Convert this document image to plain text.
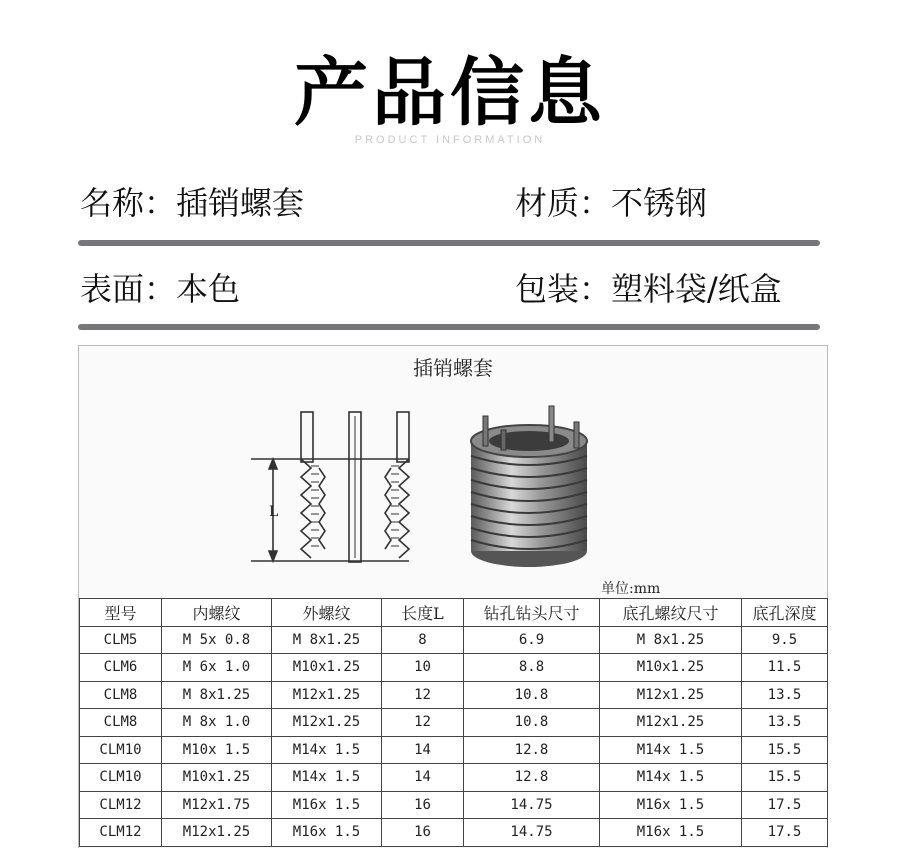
产品信息
PRODUCT INFORMATION
名称：插销螺套	材质：不锈钢
表面：本色	包装：塑料袋/纸盒
插销螺套
L
单位:mm
型号	内螺纹	外螺纹	长度L	钻孔钻头尺寸	底孔螺纹尺寸	底孔深度
CLM5	M 5x 0.8	M 8x1.25	8	6.9	M 8x1.25	9.5
CLM6	M 6x 1.0	M10x1.25	10	8.8	M10x1.25	11.5
CLM8	M 8x1.25	M12x1.25	12	10.8	M12x1.25	13.5
CLM8	M 8x 1.0	M12x1.25	12	10.8	M12x1.25	13.5
CLM10	M10x 1.5	M14x 1.5	14	12.8	M14x 1.5	15.5
CLM10	M10x1.25	M14x 1.5	14	12.8	M14x 1.5	15.5
CLM12	M12x1.75	M16x 1.5	16	14.75	M16x 1.5	17.5
CLM12	M12x1.25	M16x 1.5	16	14.75	M16x 1.5	17.5
